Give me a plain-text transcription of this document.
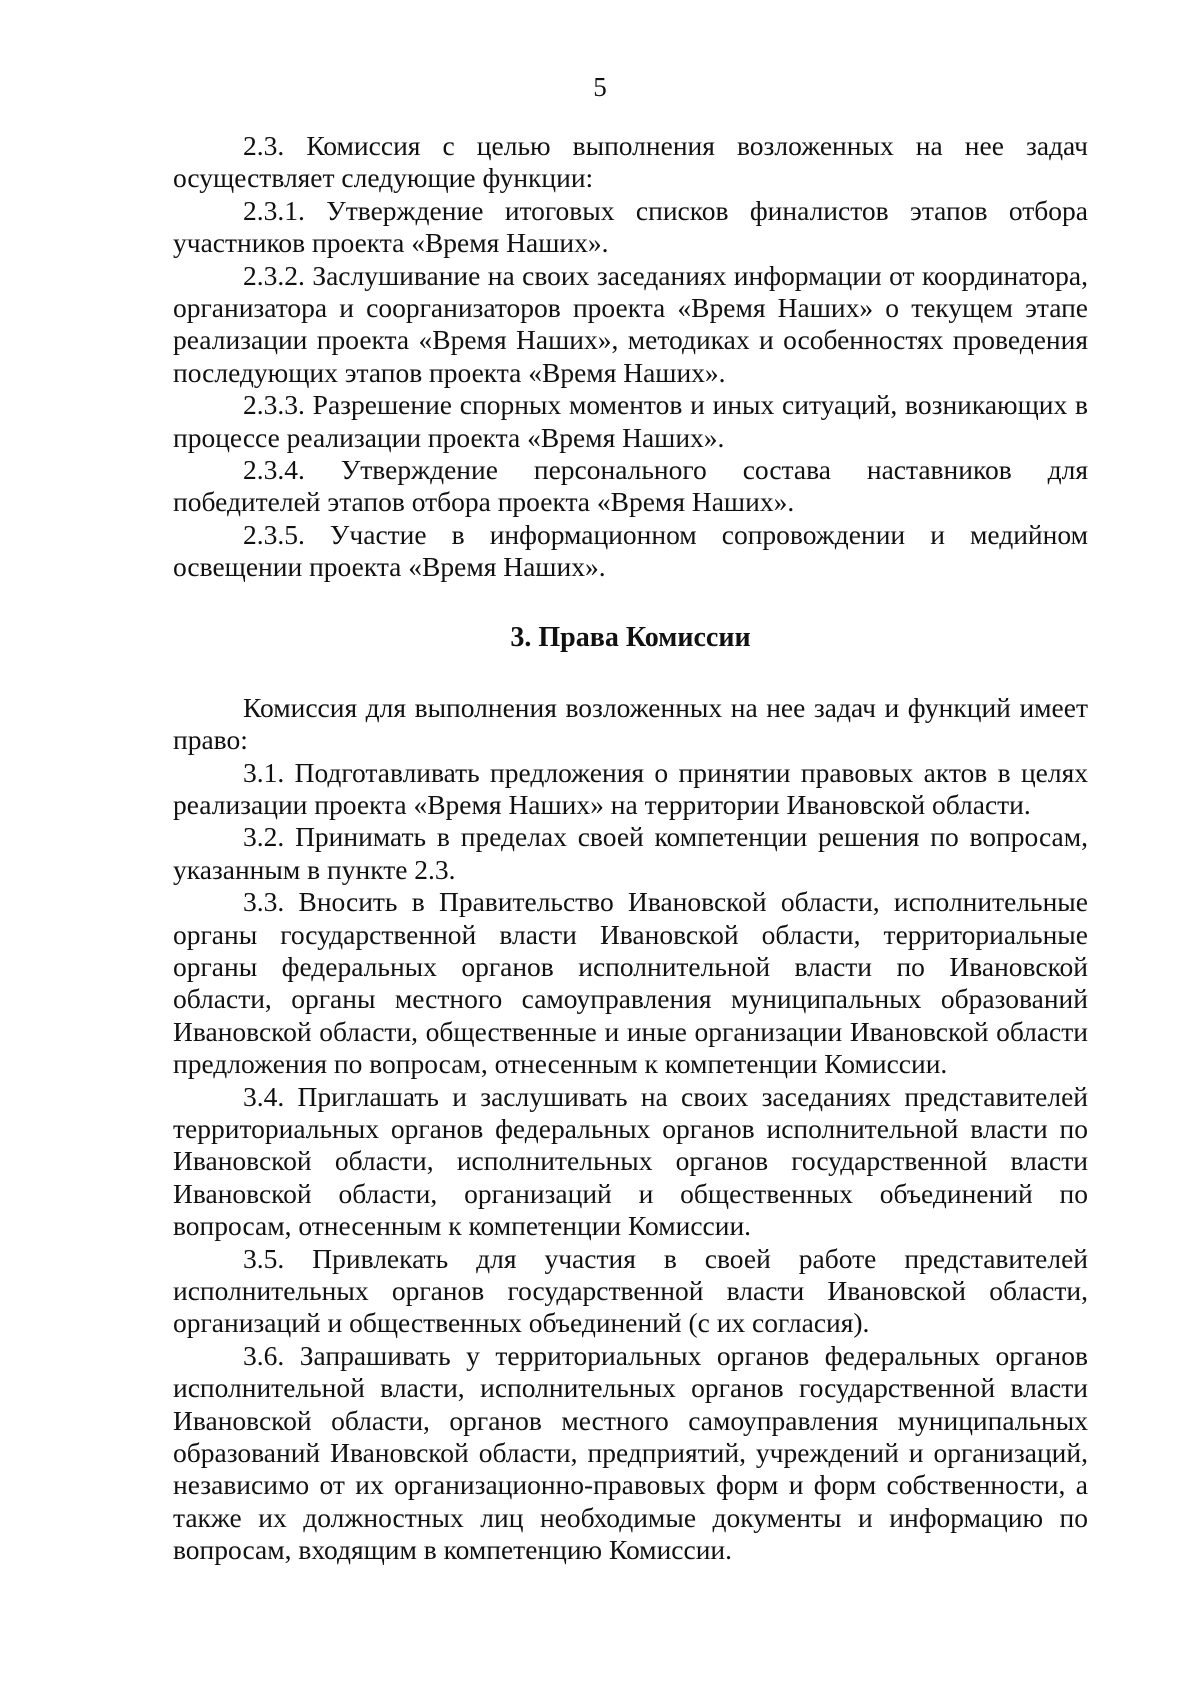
5

2.3. Комиссия с целью выполнения возложенных на нее задач осуществляет следующие функции:

2.3.1. Утверждение итоговых списков финалистов этапов отбора участников проекта «Время Наших».

2.3.2. Заслушивание на своих заседаниях информации от координатора, организатора и соорганизаторов проекта «Время Наших» о текущем этапе реализации проекта «Время Наших», методиках и особенностях проведения последующих этапов проекта «Время Наших».

2.3.3. Разрешение спорных моментов и иных ситуаций, возникающих в процессе реализации проекта «Время Наших».

2.3.4. Утверждение персонального состава наставников для победителей этапов отбора проекта «Время Наших».

2.3.5. Участие в информационном сопровождении и медийном освещении проекта «Время Наших».

3. Права Комиссии

Комиссия для выполнения возложенных на нее задач и функций имеет право:

3.1. Подготавливать предложения о принятии правовых актов в целях реализации проекта «Время Наших» на территории Ивановской области.

3.2. Принимать в пределах своей компетенции решения по вопросам, указанным в пункте 2.3.

3.3. Вносить в Правительство Ивановской области, исполнительные органы государственной власти Ивановской области, территориальные органы федеральных органов исполнительной власти по Ивановской области, органы местного самоуправления муниципальных образований Ивановской области, общественные и иные организации Ивановской области предложения по вопросам, отнесенным к компетенции Комиссии.

3.4. Приглашать и заслушивать на своих заседаниях представителей территориальных органов федеральных органов исполнительной власти по Ивановской области, исполнительных органов государственной власти Ивановской области, организаций и общественных объединений по вопросам, отнесенным к компетенции Комиссии.

3.5. Привлекать для участия в своей работе представителей исполнительных органов государственной власти Ивановской области, организаций и общественных объединений (с их согласия).

3.6. Запрашивать у территориальных органов федеральных органов исполнительной власти, исполнительных органов государственной власти Ивановской области, органов местного самоуправления муниципальных образований Ивановской области, предприятий, учреждений и организаций, независимо от их организационно-правовых форм и форм собственности, а также их должностных лиц необходимые документы и информацию по вопросам, входящим в компетенцию Комиссии.
